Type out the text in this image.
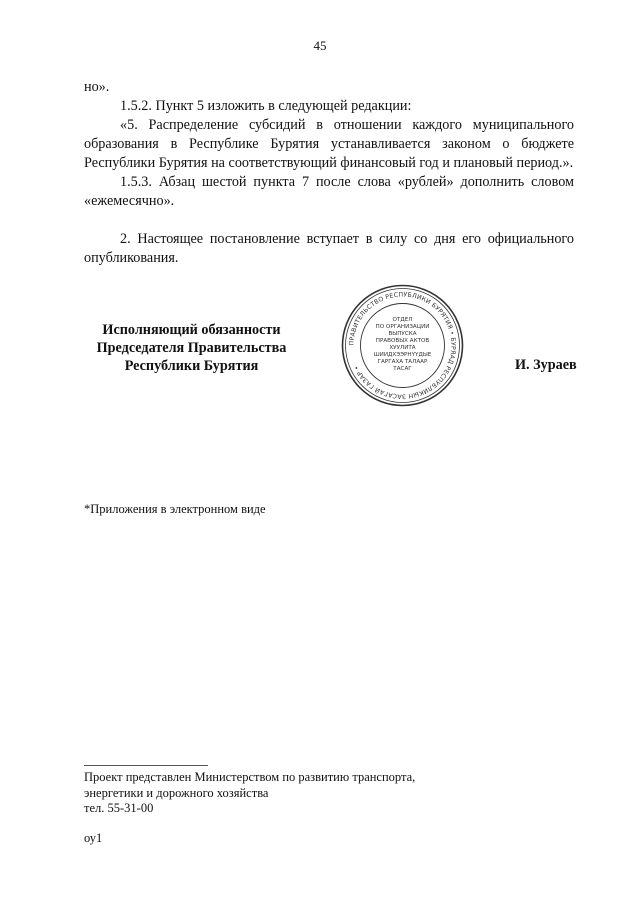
45

но».

1.5.2. Пункт 5 изложить в следующей редакции:

«5. Распределение субсидий в отношении каждого муниципального образования в Республике Бурятия устанавливается законом о бюджете Республики Бурятия на соответствующий финансовый год и плановый период.».

1.5.3. Абзац шестой пункта 7 после слова «рублей» дополнить словом «ежемесячно».

2. Настоящее постановление вступает в силу со дня его официального опубликования.

Исполняющий обязанности
Председателя Правительства
Республики Бурятия
ПРАВИТЕЛЬСТВО РЕСПУБЛИКИ БУРЯТИЯ • БУРЯАД РЕСПУБЛИКЫН ЗАСАГАЙ ГАЗАР •
ОТДЕЛ
ПО ОРГАНИЗАЦИИ
ВЫПУСКА
ПРАВОВЫХ АКТОВ
ХУУЛИТА
ШИИДХЭЭРНҮҮДЫЕ
ГАРГАХА ТАЛААР
ТАСАГ	И. Зураев
*Приложения в электронном виде
Проект представлен Министерством по развитию транспорта,
энергетики и дорожного хозяйства
тел. 55-31-00
оу1
